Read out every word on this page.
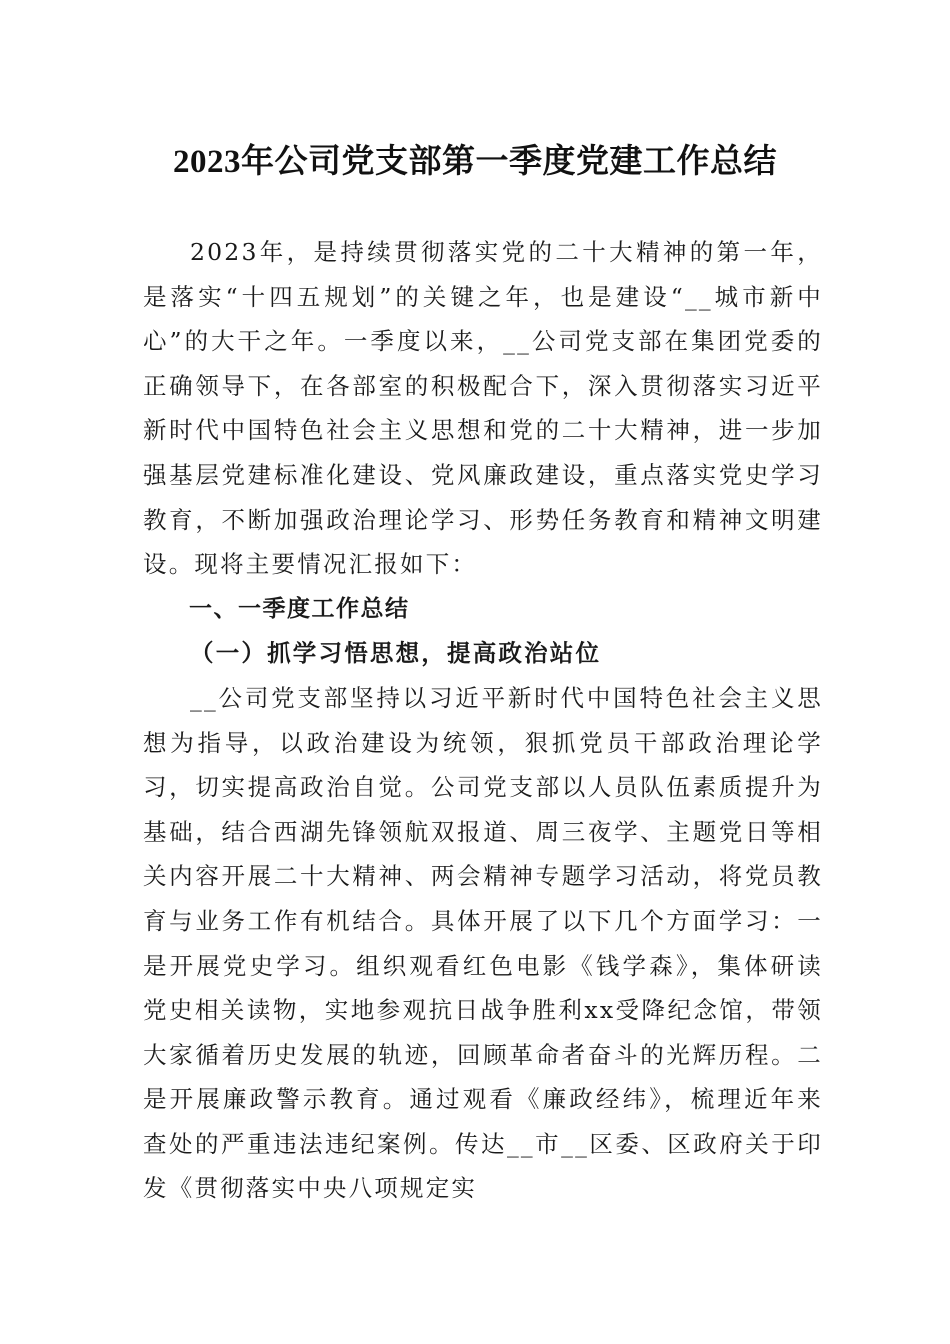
2023年公司党支部第一季度党建工作总结

2023年，是持续贯彻落实党的二十大精神的第一年，是落实“十四五规划”的关键之年，也是建设“__城市新中心”的大干之年。一季度以来，__公司党支部在集团党委的正确领导下，在各部室的积极配合下，深入贯彻落实习近平新时代中国特色社会主义思想和党的二十大精神，进一步加强基层党建标准化建设、党风廉政建设，重点落实党史学习教育，不断加强政治理论学习、形势任务教育和精神文明建设。现将主要情况汇报如下：

一、一季度工作总结

（一）抓学习悟思想，提高政治站位

__公司党支部坚持以习近平新时代中国特色社会主义思想为指导，以政治建设为统领，狠抓党员干部政治理论学习，切实提高政治自觉。公司党支部以人员队伍素质提升为基础，结合西湖先锋领航双报道、周三夜学、主题党日等相关内容开展二十大精神、两会精神专题学习活动，将党员教育与业务工作有机结合。具体开展了以下几个方面学习：一是开展党史学习。组织观看红色电影《钱学森》，集体研读党史相关读物，实地参观抗日战争胜利xx受降纪念馆，带领大家循着历史发展的轨迹，回顾革命者奋斗的光辉历程。二是开展廉政警示教育。通过观看《廉政经纬》，梳理近年来查处的严重违法违纪案例。传达__市__区委、区政府关于印发《贯彻落实中央八项规定实
